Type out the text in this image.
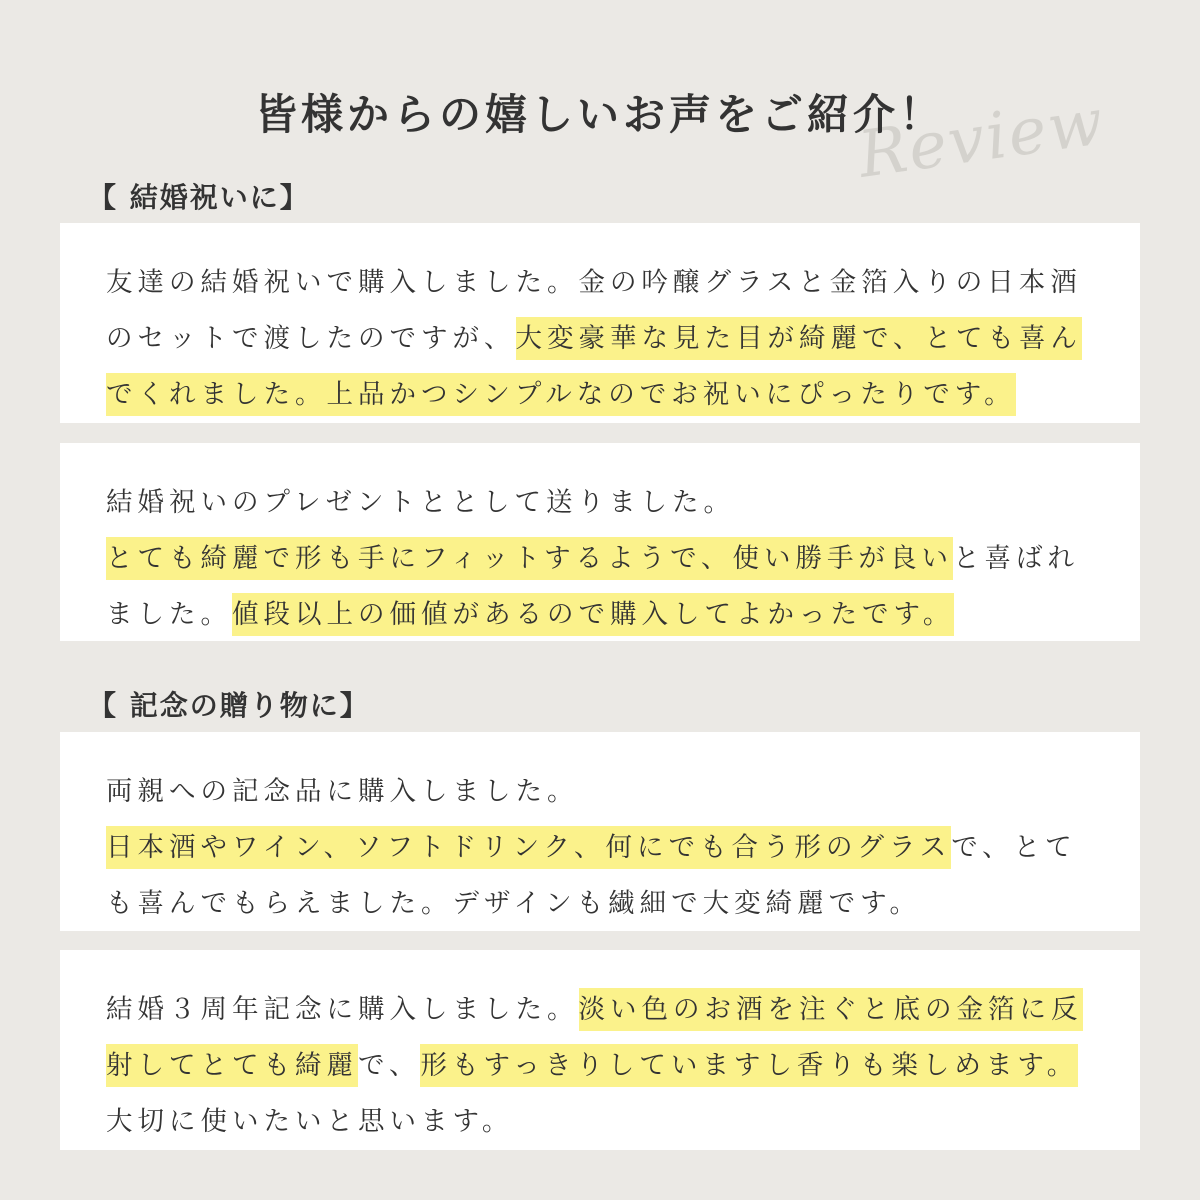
Review
皆様からの嬉しいお声をご紹介！
【 結婚祝いに】

友達の結婚祝いで購入しました。金の吟醸グラスと金箔入りの日本酒のセットで渡したのですが、大変豪華な見た目が綺麗で、とても喜んでくれました。上品かつシンプルなのでお祝いにぴったりです。

結婚祝いのプレゼントととして送りました。
とても綺麗で形も手にフィットするようで、使い勝手が良いと喜ばれました。値段以上の価値があるので購入してよかったです。

【 記念の贈り物に】

両親への記念品に購入しました。
日本酒やワイン、ソフトドリンク、何にでも合う形のグラスで、とても喜んでもらえました。デザインも繊細で大変綺麗です。

結婚３周年記念に購入しました。淡い色のお酒を注ぐと底の金箔に反射してとても綺麗で、形もすっきりしていますし香りも楽しめます。大切に使いたいと思います。
